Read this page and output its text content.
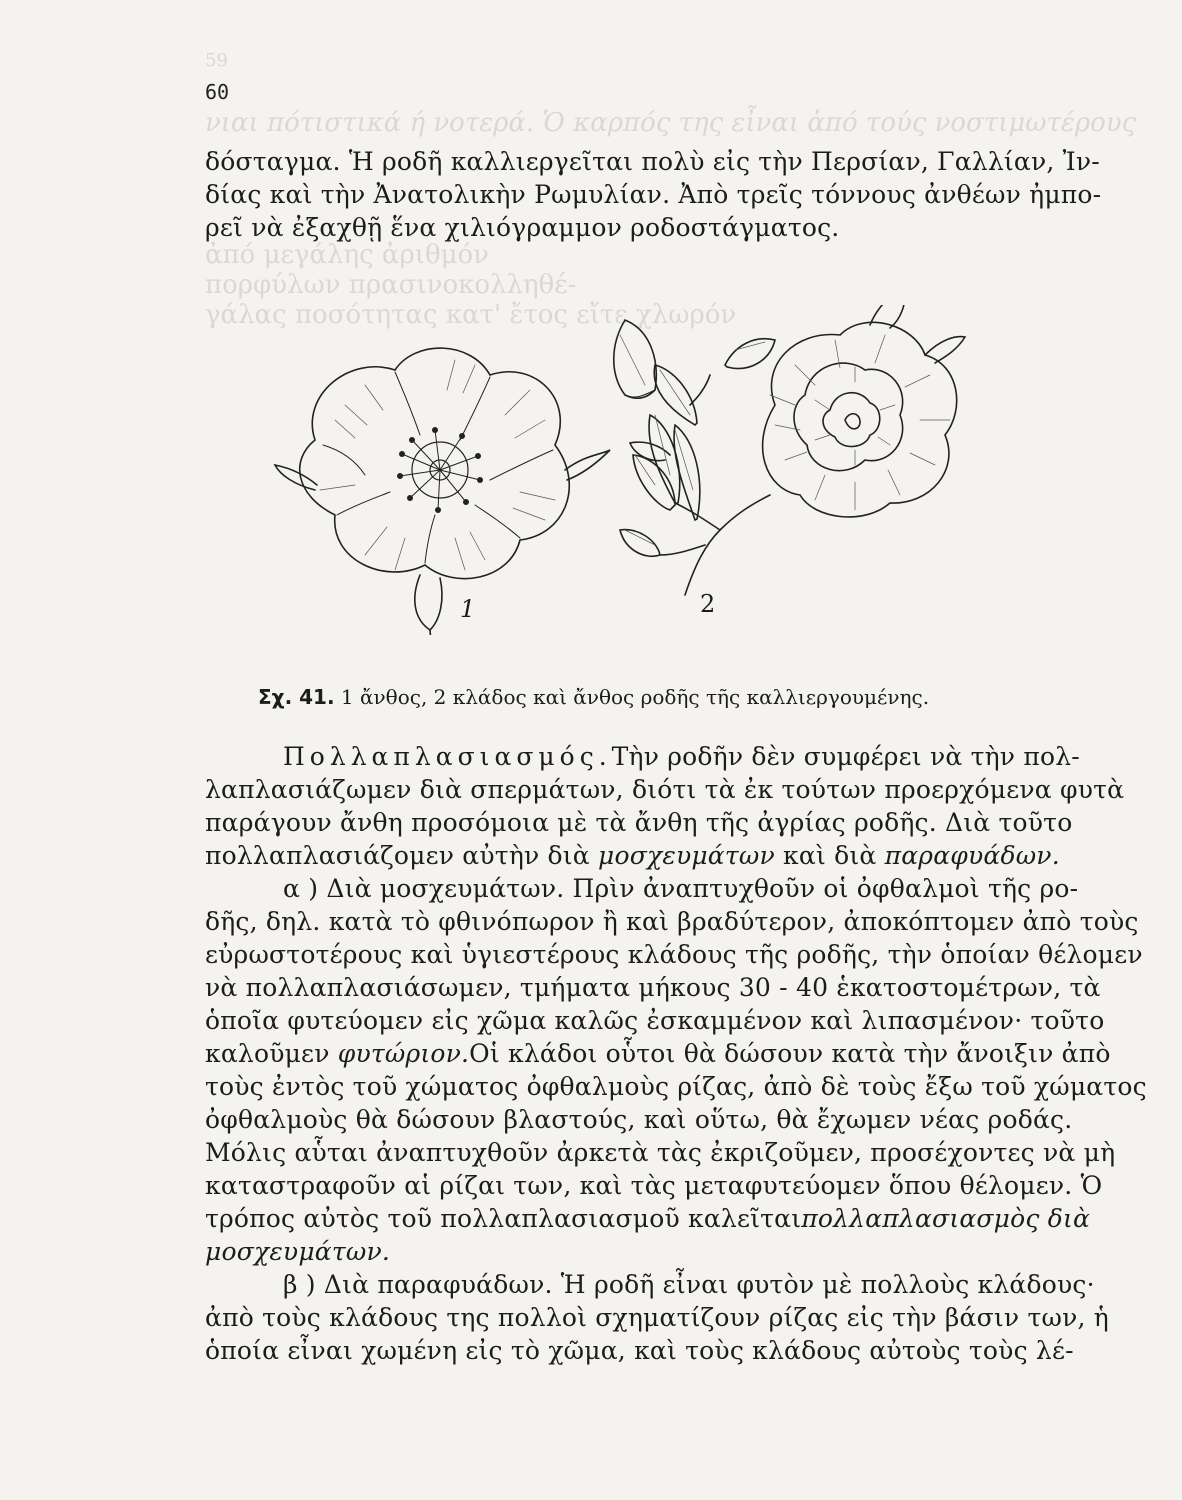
59
νιαι πότιστικά ή νοτερά. Ὁ καρπός της εἶναι ἀπό τούς νοστιμωτέρους
ἀπό μεγάλης ἀριθμόν
πορφύλων πρασινοκολληθέ-
γάλας ποσότητας κατ' ἔτος εἴτε χλωρόν
60
δόσταγμα. Ἡ ροδῆ καλλιεργεῖται πολὺ εἰς τὴν Περσίαν, Γαλλίαν, Ἰν-
δίας καὶ τὴν Ἀνατολικὴν Ρωμυλίαν. Ἀπὸ τρεῖς τόννους ἀνθέων ἠμπο-
ρεῖ νὰ ἐξαχθῇ ἕνα χιλιόγραμμον ροδοστάγματος.
1	2
Σχ. 41. 1 ἄνθος, 2 κλάδος καὶ ἄνθος ροδῆς τῆς καλλιεργουμένης.
Πολλαπλασιασμός. Τὴν ροδῆν δὲν συμφέρει νὰ τὴν πολ-
λαπλασιάζωμεν διὰ σπερμάτων, διότι τὰ ἐκ τούτων προερχόμενα φυτὰ
παράγουν ἄνθη προσόμοια μὲ τὰ ἄνθη τῆς ἀγρίας ροδῆς. Διὰ τοῦτο
πολλαπλασιάζομεν αὐτὴν διὰ μοσχευμάτων καὶ διὰ παραφυάδων.
α ) Διὰ μοσχευμάτων. Πρὶν ἀναπτυχθοῦν οἱ ὀφθαλμοὶ τῆς ρο-
δῆς, δηλ. κατὰ τὸ φθινόπωρον ἢ καὶ βραδύτερον, ἀποκόπτομεν ἀπὸ τοὺς
εὐρωστοτέρους καὶ ὑγιεστέρους κλάδους τῆς ροδῆς, τὴν ὁποίαν θέλομεν
νὰ πολλαπλασιάσωμεν, τμήματα μήκους 30 - 40 ἑκατοστομέτρων, τὰ
ὁποῖα φυτεύομεν εἰς χῶμα καλῶς ἐσκαμμένον καὶ λιπασμένον· τοῦτο
καλοῦμεν φυτώριον. Οἱ κλάδοι οὗτοι θὰ δώσουν κατὰ τὴν ἄνοιξιν ἀπὸ
τοὺς ἐντὸς τοῦ χώματος ὀφθαλμοὺς ρίζας, ἀπὸ δὲ τοὺς ἔξω τοῦ χώματος
ὀφθαλμοὺς θὰ δώσουν βλαστούς, καὶ οὕτω, θὰ ἔχωμεν νέας ροδάς.
Μόλις αὗται ἀναπτυχθοῦν ἀρκετὰ τὰς ἐκριζοῦμεν, προσέχοντες νὰ μὴ
καταστραφοῦν αἱ ρίζαι των, καὶ τὰς μεταφυτεύομεν ὅπου θέλομεν. Ὁ
τρόπος αὐτὸς τοῦ πολλαπλασιασμοῦ καλεῖται πολλαπλασιασμὸς διὰ
μοσχευμάτων.
β ) Διὰ παραφυάδων. Ἡ ροδῆ εἶναι φυτὸν μὲ πολλοὺς κλάδους·
ἀπὸ τοὺς κλάδους της πολλοὶ σχηματίζουν ρίζας εἰς τὴν βάσιν των, ἡ
ὁποία εἶναι χωμένη εἰς τὸ χῶμα, καὶ τοὺς κλάδους αὐτοὺς τοὺς λέ-
